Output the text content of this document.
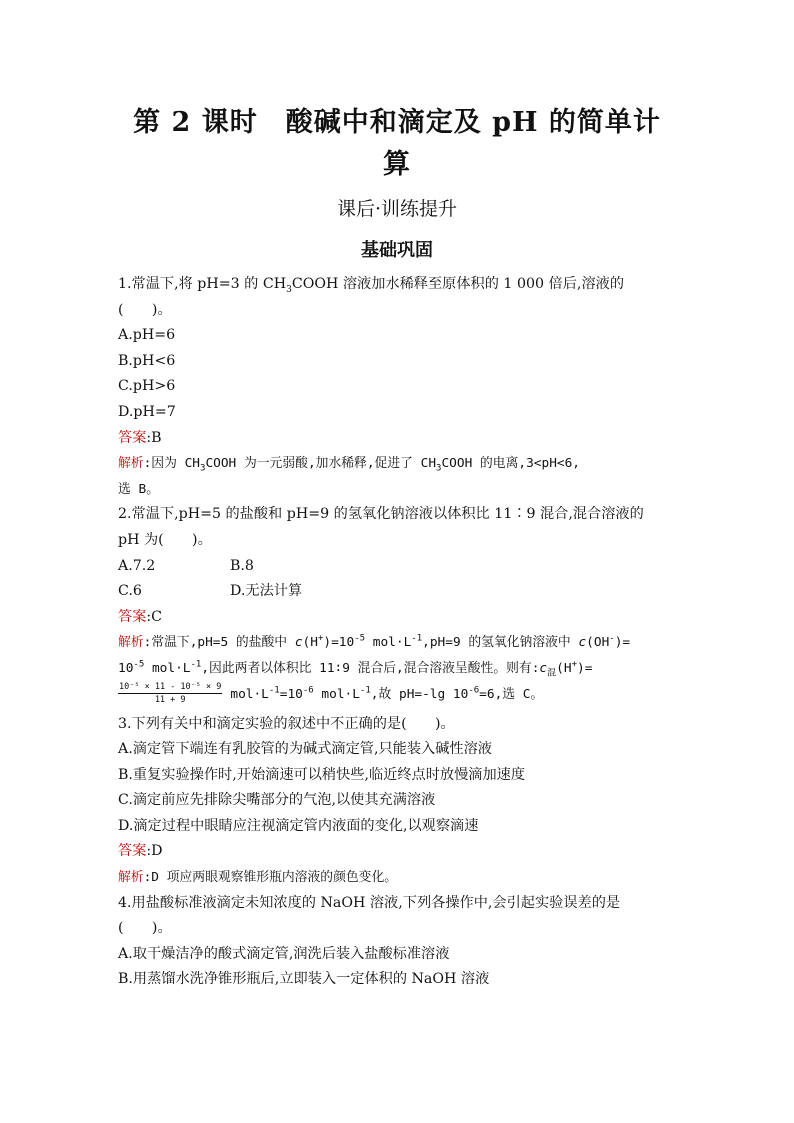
第 2 课时　酸碱中和滴定及 pH 的简单计
算
课后·训练提升
基础巩固
1.常温下,将 pH=3 的 $CH_3COOH$ 溶液加水稀释至原体积的 1 000 倍后,溶液的
(　　)。
A.pH=6
B.pH<6
C.pH>6
D.pH=7
答案:B
解析:因为 $CH_3COOH$ 为一元弱酸,加水稀释,促进了 $CH_3COOH$ 的电离,3<pH<6,
选 B。
2.常温下,pH=5 的盐酸和 pH=9 的氢氧化钠溶液以体积比 11∶9 混合,混合溶液的
pH 为(　　)。
A.7.2	B.8
C.6	D.无法计算
答案:C
解析:常温下,pH=5 的盐酸中 $c(H^+)=10^{-5}$ $mol\cdot L^{-1},pH=9$ 的氢氧化钠溶液中 c(OH-)=
$10^{-5}$ $mol\cdot L^{-1}$,因此两者以体积比 11∶9 混合后,混合溶液呈酸性。则有$:c_混(H^+)=$
$\frac{\text{10⁻⁵ × 11 - 10⁻⁵ × 9}}{11 + 9} mol\cdot L^{-1}=10^{-6}$ $mol\cdot L^{-1}$,故 pH=-lg $10^{-6}=6$,选 C。
3.下列有关中和滴定实验的叙述中不正确的是(　　)。
A.滴定管下端连有乳胶管的为碱式滴定管,只能装入碱性溶液
B.重复实验操作时,开始滴速可以稍快些,临近终点时放慢滴加速度
C.滴定前应先排除尖嘴部分的气泡,以使其充满溶液
D.滴定过程中眼睛应注视滴定管内液面的变化,以观察滴速
答案:D
解析:D 项应两眼观察锥形瓶内溶液的颜色变化。
4.用盐酸标准液滴定未知浓度的 NaOH 溶液,下列各操作中,会引起实验误差的是
(　　)。
A.取干燥洁净的酸式滴定管,润洗后装入盐酸标准溶液
B.用蒸馏水洗净锥形瓶后,立即装入一定体积的 NaOH 溶液
